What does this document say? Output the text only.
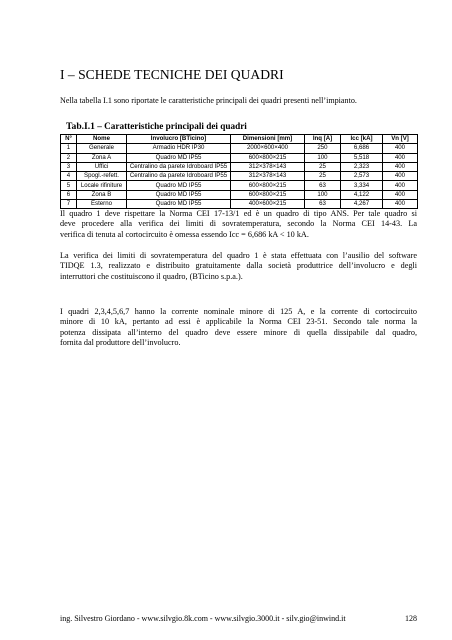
I – SCHEDE TECNICHE DEI QUADRI

Nella tabella I.1 sono riportate le caratteristiche principali dei quadri presenti nell’impianto.

Tab.I.1 – Caratteristiche principali dei quadri

N°	Nome	Involucro [BTicino]	Dimensioni [mm]	Inq [A]	Icc [kA]	Vn [V]
1	Generale	Armadio HDR IP30	2000×600×400	250	6,686	400
2	Zona A	Quadro MD IP55	600×800×215	100	5,518	400
3	Uffici	Centralino da parete Idroboard IP55	312×378×143	25	2,323	400
4	Spogl.-refett.	Centralino da parete Idroboard IP55	312×378×143	25	2,573	400
5	Locale rifiniture	Quadro MD IP55	600×800×215	63	3,334	400
6	Zona B	Quadro MD IP55	600×800×215	100	4,122	400
7	Esterno	Quadro MD IP55	400×600×215	63	4,267	400

Il quadro 1 deve rispettare la Norma CEI 17-13/1 ed è un quadro di tipo ANS. Per tale quadro si
deve procedere alla verifica dei limiti di sovratemperatura, secondo la Norma CEI 14-43. La
verifica di tenuta al cortocircuito è omessa essendo Icc = 6,686 kA < 10 kA.

La verifica dei limiti di sovratemperatura del quadro 1 è stata effettuata con l’ausilio del software
TIDQE 1.3, realizzato e distribuito gratuitamente dalla società produttrice dell’involucro e degli
interruttori che costituiscono il quadro, (BTicino s.p.a.).

I quadri 2,3,4,5,6,7 hanno la corrente nominale minore di 125 A, e la corrente di cortocircuito
minore di 10 kA, pertanto ad essi è applicabile la Norma CEI 23-51. Secondo tale norma la
potenza dissipata all’interno del quadro deve essere minore di quella dissipabile dal quadro,
fornita dal produttore dell’involucro.

ing. Silvestro Giordano - www.silvgio.8k.com - www.silvgio.3000.it - silv.gio@inwind.it	128
